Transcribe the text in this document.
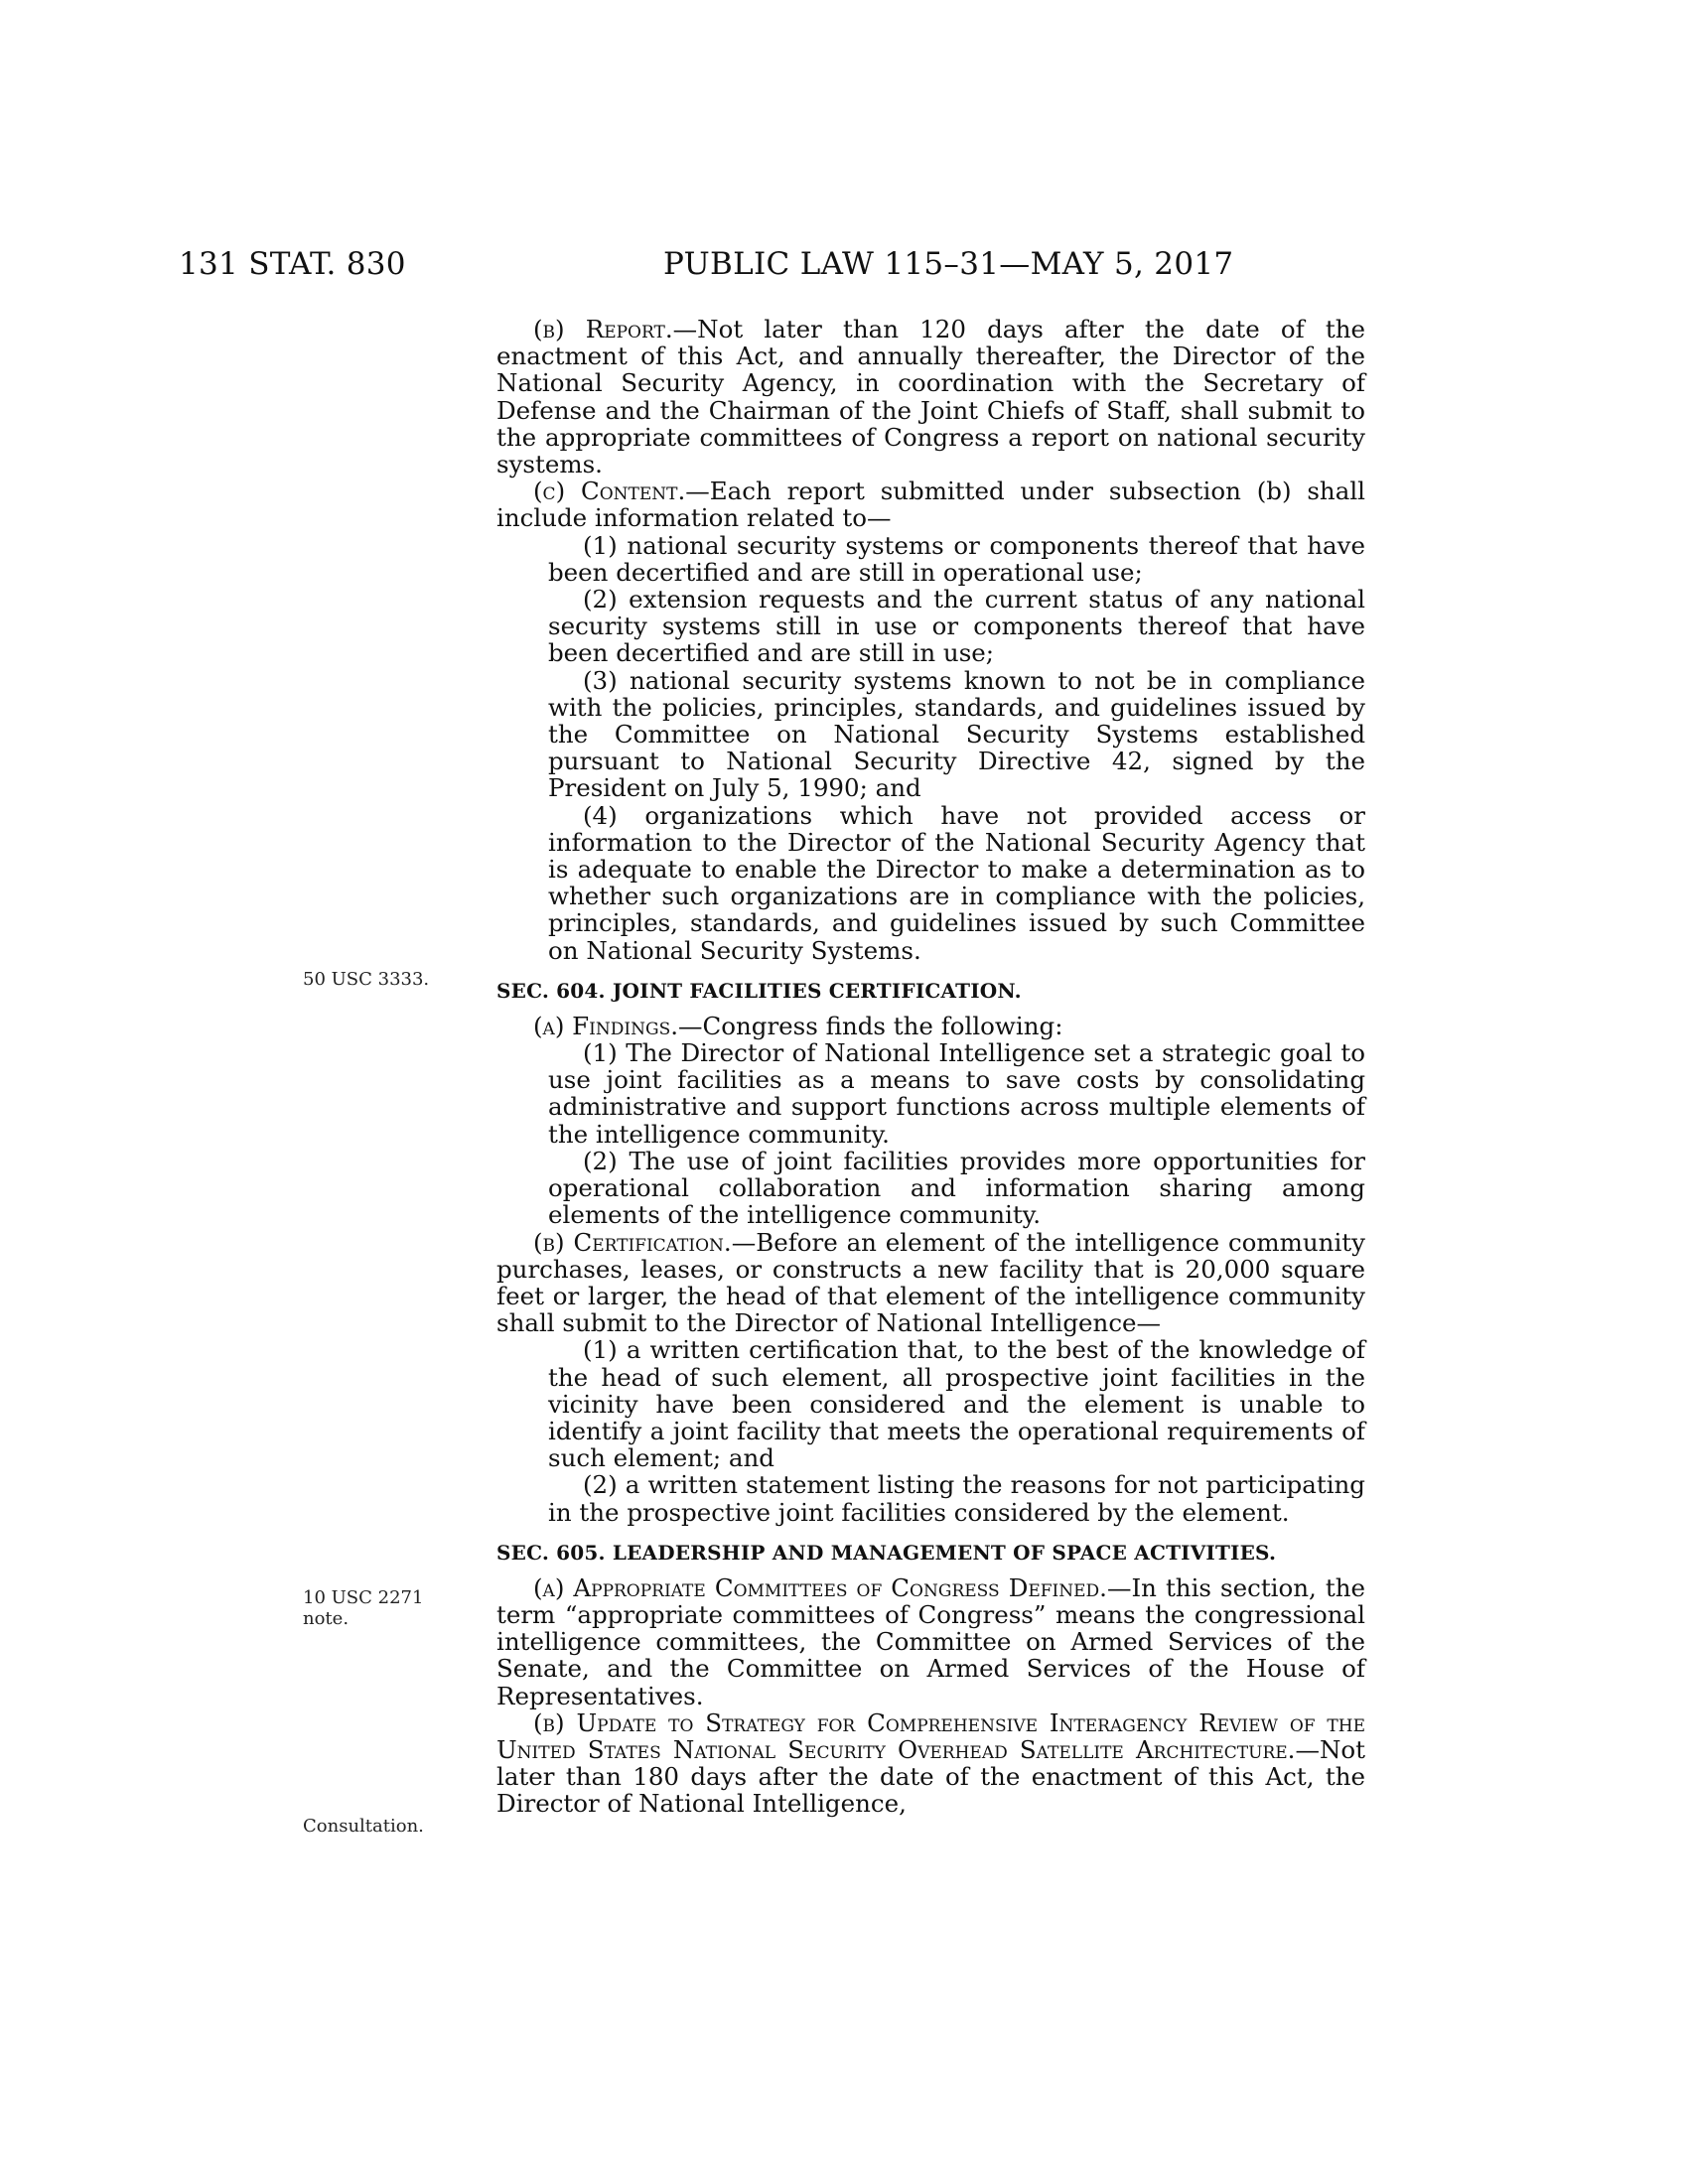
131 STAT. 830	PUBLIC LAW 115–31—MAY 5, 2017
50 USC 3333.
10 USC 2271
note.
Consultation.

(b) Report.—Not later than 120 days after the date of the enactment of this Act, and annually thereafter, the Director of the National Security Agency, in coordination with the Secretary of Defense and the Chairman of the Joint Chiefs of Staff, shall submit to the appropriate committees of Congress a report on national security systems.

(c) Content.—Each report submitted under subsection (b) shall include information related to—

(1) national security systems or components thereof that have been decertified and are still in operational use;

(2) extension requests and the current status of any national security systems still in use or components thereof that have been decertified and are still in use;

(3) national security systems known to not be in compliance with the policies, principles, standards, and guidelines issued by the Committee on National Security Systems established pursuant to National Security Directive 42, signed by the President on July 5, 1990; and

(4) organizations which have not provided access or information to the Director of the National Security Agency that is adequate to enable the Director to make a determination as to whether such organizations are in compliance with the policies, principles, standards, and guidelines issued by such Committee on National Security Systems.

SEC. 604. JOINT FACILITIES CERTIFICATION.

(a) Findings.—Congress finds the following:

(1) The Director of National Intelligence set a strategic goal to use joint facilities as a means to save costs by consolidating administrative and support functions across multiple elements of the intelligence community.

(2) The use of joint facilities provides more opportunities for operational collaboration and information sharing among elements of the intelligence community.

(b) Certification.—Before an element of the intelligence community purchases, leases, or constructs a new facility that is 20,000 square feet or larger, the head of that element of the intelligence community shall submit to the Director of National Intelligence—

(1) a written certification that, to the best of the knowledge of the head of such element, all prospective joint facilities in the vicinity have been considered and the element is unable to identify a joint facility that meets the operational requirements of such element; and

(2) a written statement listing the reasons for not participating in the prospective joint facilities considered by the element.

SEC. 605. LEADERSHIP AND MANAGEMENT OF SPACE ACTIVITIES.

(a) Appropriate Committees of Congress Defined.—In this section, the term “appropriate committees of Congress” means the congressional intelligence committees, the Committee on Armed Services of the Senate, and the Committee on Armed Services of the House of Representatives.

(b) Update to Strategy for Comprehensive Interagency Review of the United States National Security Overhead Satellite Architecture.—Not later than 180 days after the date of the enactment of this Act, the Director of National Intelligence,
